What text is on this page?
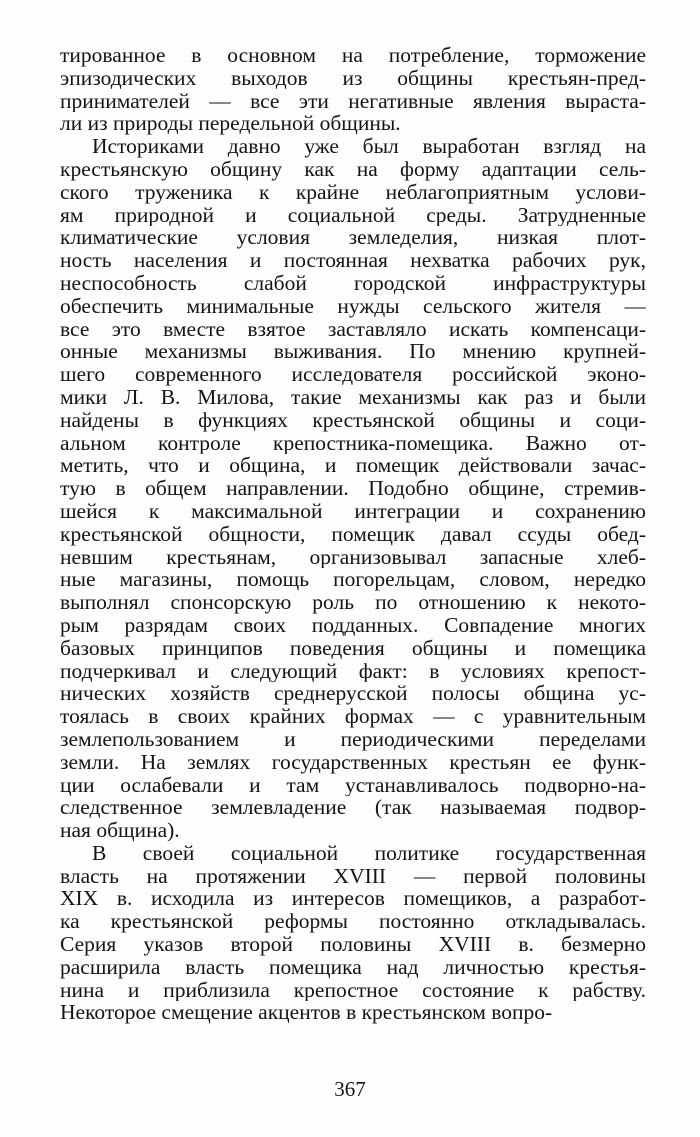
тированное в основном на потребление, торможение
эпизодических выходов из общины крестьян-пред-
принимателей — все эти негативные явления выраста-
ли из природы передельной общины.
Историками давно уже был выработан взгляд на
крестьянскую общину как на форму адаптации сель-
ского труженика к крайне неблагоприятным услови-
ям природной и социальной среды. Затрудненные
климатические условия земледелия, низкая плот-
ность населения и постоянная нехватка рабочих рук,
неспособность слабой городской инфраструктуры
обеспечить минимальные нужды сельского жителя —
все это вместе взятое заставляло искать компенсаци-
онные механизмы выживания. По мнению крупней-
шего современного исследователя российской эконо-
мики Л. В. Милова, такие механизмы как раз и были
найдены в функциях крестьянской общины и соци-
альном контроле крепостника-помещика. Важно от-
метить, что и община, и помещик действовали зачас-
тую в общем направлении. Подобно общине, стремив-
шейся к максимальной интеграции и сохранению
крестьянской общности, помещик давал ссуды обед-
невшим крестьянам, организовывал запасные хлеб-
ные магазины, помощь погорельцам, словом, нередко
выполнял спонсорскую роль по отношению к некото-
рым разрядам своих подданных. Совпадение многих
базовых принципов поведения общины и помещика
подчеркивал и следующий факт: в условиях крепост-
нических хозяйств среднерусской полосы община ус-
тоялась в своих крайних формах — с уравнительным
землепользованием и периодическими переделами
земли. На землях государственных крестьян ее функ-
ции ослабевали и там устанавливалось подворно-на-
следственное землевладение (так называемая подвор-
ная община).
В своей социальной политике государственная
власть на протяжении XVIII — первой половины
XIX в. исходила из интересов помещиков, а разработ-
ка крестьянской реформы постоянно откладывалась.
Серия указов второй половины XVIII в. безмерно
расширила власть помещика над личностью крестья-
нина и приблизила крепостное состояние к рабству.
Некоторое смещение акцентов в крестьянском вопро-
367
